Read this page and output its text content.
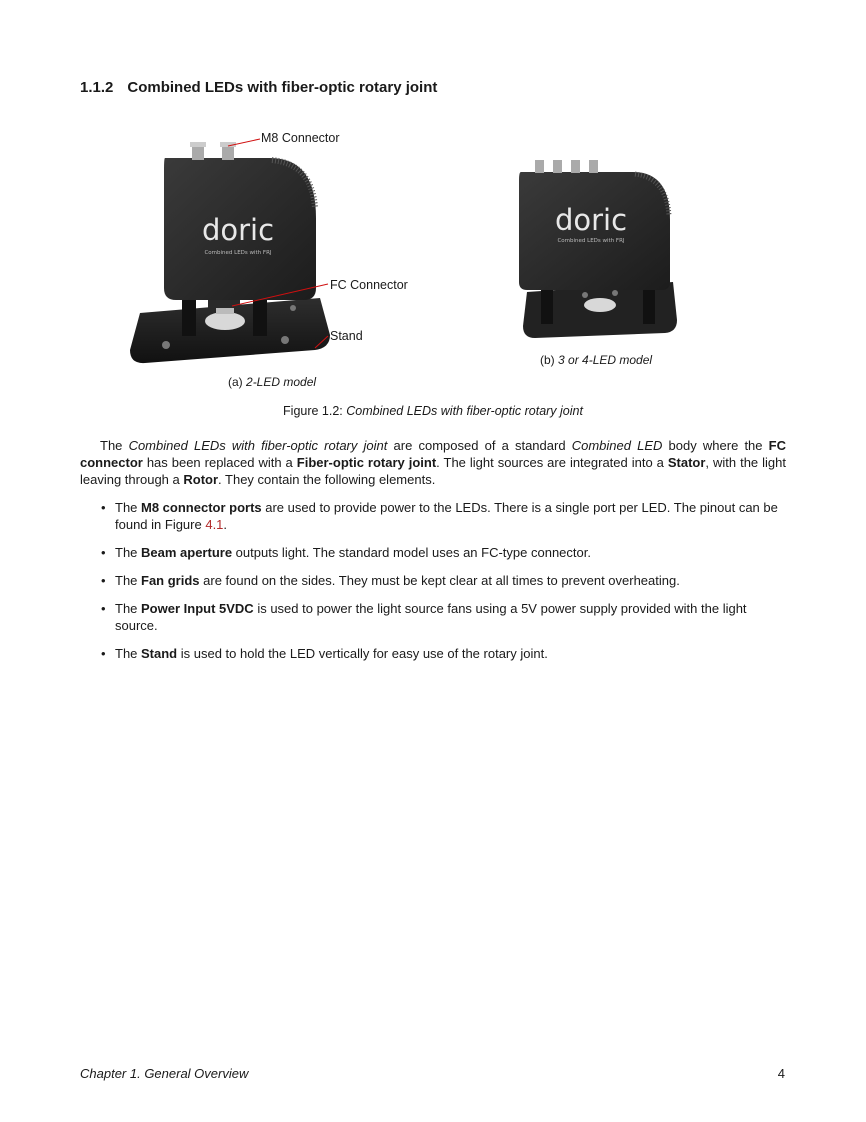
1.1.2 Combined LEDs with fiber-optic rotary joint
doric
Combined LEDs with FRJ
M8 Connector
FC Connector
Stand
(a) 2-LED model
doric
Combined LEDs with FRJ
(b) 3 or 4-LED model
Figure 1.2: Combined LEDs with fiber-optic rotary joint

The Combined LEDs with fiber-optic rotary joint are composed of a standard Combined LED body where the FC connector has been replaced with a Fiber-optic rotary joint. The light sources are integrated into a Stator, with the light leaving through a Rotor. They contain the following elements.

• The M8 connector ports are used to provide power to the LEDs. There is a single port per LED. The pinout can be found in Figure 4.1.
• The Beam aperture outputs light. The standard model uses an FC-type connector.
• The Fan grids are found on the sides. They must be kept clear at all times to prevent overheating.
• The Power Input 5VDC is used to power the light source fans using a 5V power supply provided with the light source.
• The Stand is used to hold the LED vertically for easy use of the rotary joint.
Chapter 1. General Overview	4
